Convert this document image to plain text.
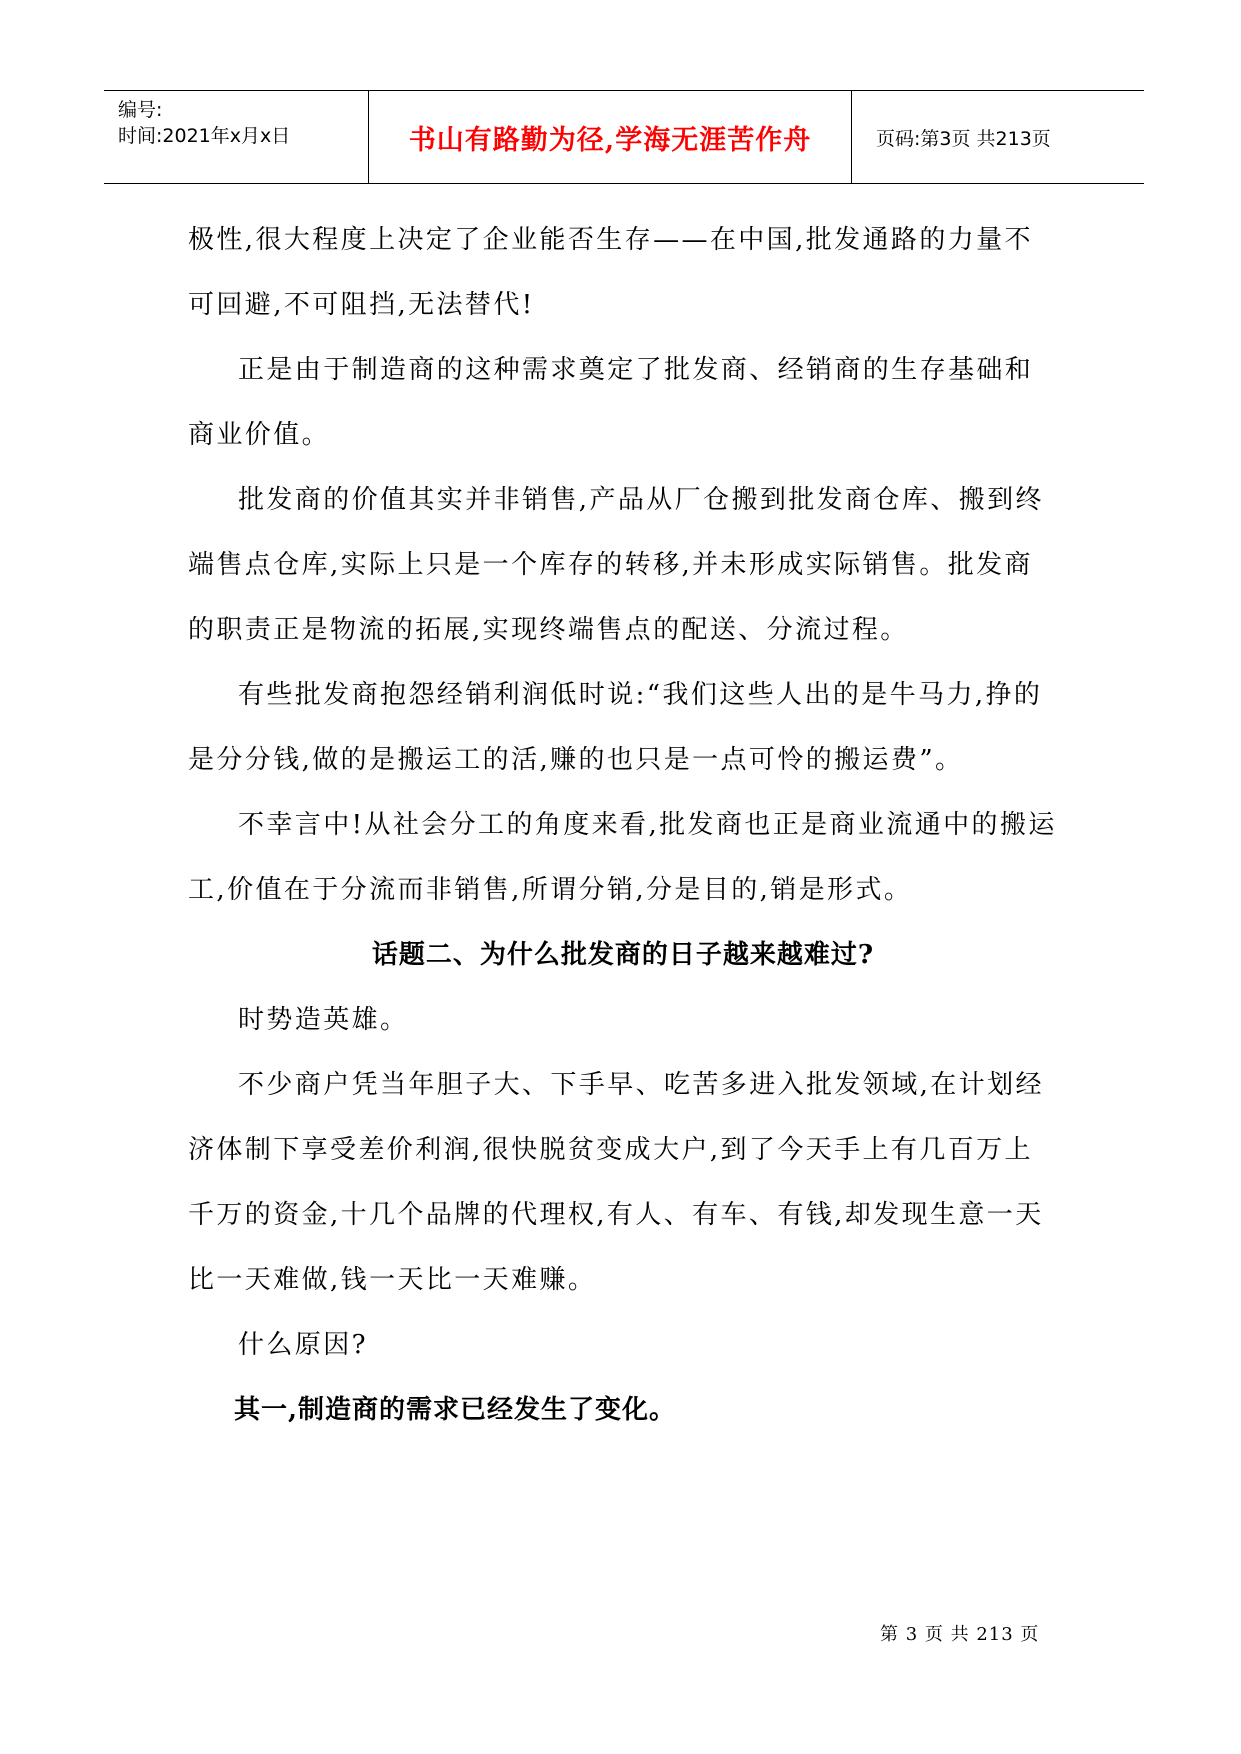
编号:
时间:2021年x月x日	书山有路勤为径,学海无涯苦作舟	页码:第3页 共213页

极性,很大程度上决定了企业能否生存——在中国,批发通路的力量不可回避,不可阻挡,无法替代!

正是由于制造商的这种需求奠定了批发商、经销商的生存基础和商业价值。

批发商的价值其实并非销售,产品从厂仓搬到批发商仓库、搬到终端售点仓库,实际上只是一个库存的转移,并未形成实际销售。批发商的职责正是物流的拓展,实现终端售点的配送、分流过程。

有些批发商抱怨经销利润低时说:“我们这些人出的是牛马力,挣的是分分钱,做的是搬运工的活,赚的也只是一点可怜的搬运费”。

不幸言中!从社会分工的角度来看,批发商也正是商业流通中的搬运工,价值在于分流而非销售,所谓分销,分是目的,销是形式。

话题二、为什么批发商的日子越来越难过?

时势造英雄。

不少商户凭当年胆子大、下手早、吃苦多进入批发领域,在计划经济体制下享受差价利润,很快脱贫变成大户,到了今天手上有几百万上千万的资金,十几个品牌的代理权,有人、有车、有钱,却发现生意一天比一天难做,钱一天比一天难赚。

什么原因?

其一,制造商的需求已经发生了变化。

第 3 页 共 213 页
